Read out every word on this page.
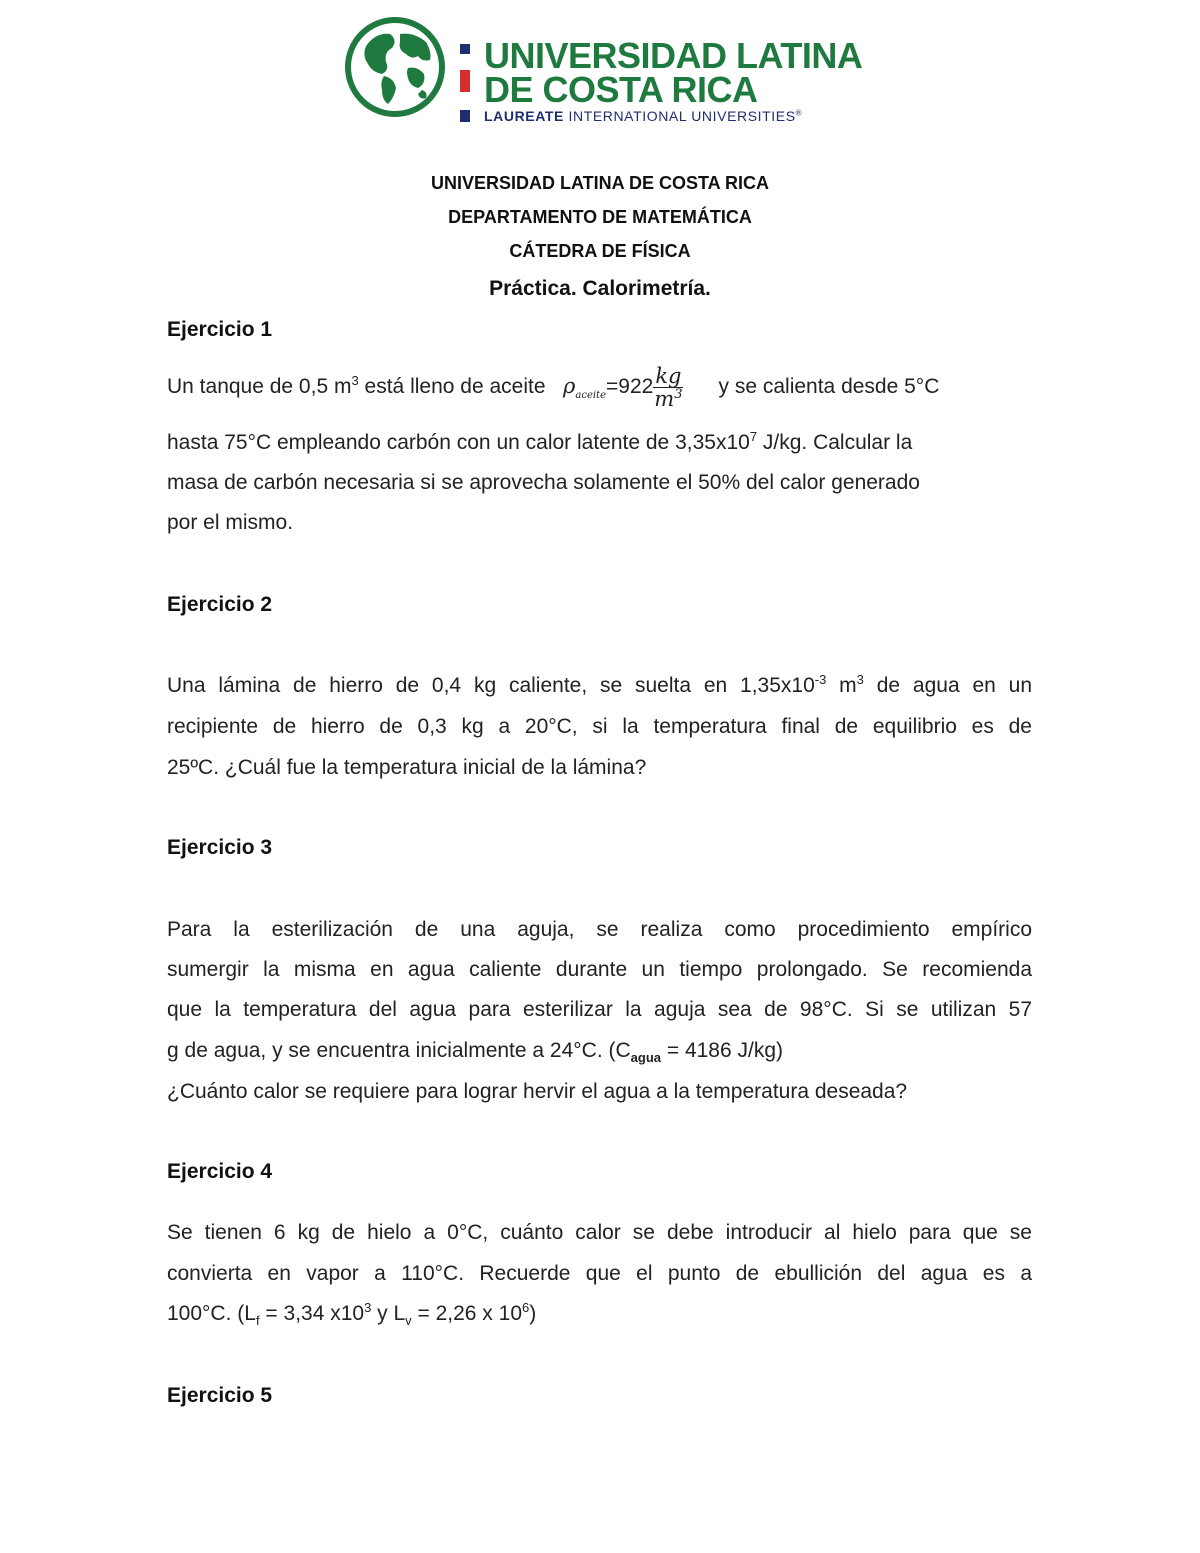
UNIVERSIDAD LATINA
DE COSTA RICA
LAUREATE INTERNATIONAL UNIVERSITIES®
UNIVERSIDAD LATINA DE COSTA RICA
DEPARTAMENTO DE MATEMÁTICA
CÁTEDRA DE FÍSICA
Práctica. Calorimetría.
Ejercicio 1
Un tanque de 0,5 $m^3$ está lleno de aceite   $\rho_{aceite}=922 \frac{kg}{m^3}$ y se calienta desde 5°C
hasta 75°C empleando carbón con un calor latente de $3,35x10^7$ J/kg. Calcular la
masa de carbón necesaria si se aprovecha solamente el 50% del calor generado
por el mismo.
Ejercicio 2
Una lámina de hierro de 0,4 kg caliente, se suelta en $1,35x10^{-3}$ $m^3$ de agua en un
recipiente de hierro de 0,3 kg a 20°C, si la temperatura final de equilibrio es de
25ºC. ¿Cuál fue la temperatura inicial de la lámina?
Ejercicio 3
Para la esterilización de una aguja, se realiza como procedimiento empírico
sumergir la misma en agua caliente durante un tiempo prolongado. Se recomienda
que la temperatura del agua para esterilizar la aguja sea de 98°C. Si se utilizan 57
g de agua, y se encuentra inicialmente a 24°C. ($C_{agua} = 4186$ J/kg)
¿Cuánto calor se requiere para lograr hervir el agua a la temperatura deseada?
Ejercicio 4
Se tienen 6 kg de hielo a 0°C, cuánto calor se debe introducir al hielo para que se
convierta en vapor a 110°C. Recuerde que el punto de ebullición del agua es a
100°C. ($L_f = 3,34$ $x10^3$ y $L_v = 2,26$ x $10^6$)
Ejercicio 5
